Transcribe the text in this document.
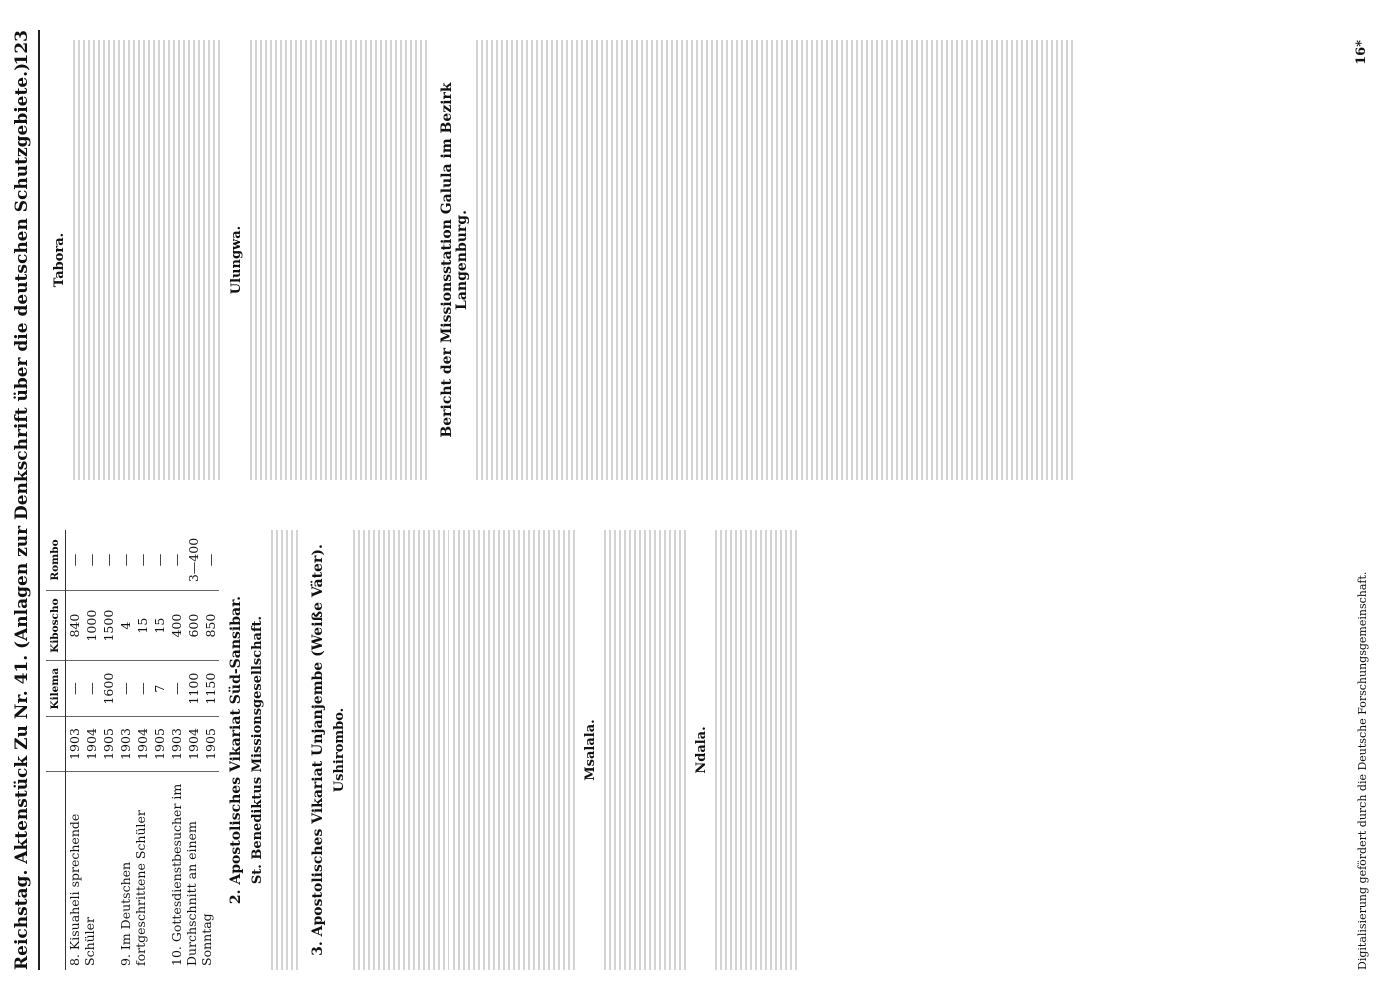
Reichstag. Aktenstück Zu Nr. 41. (Anlagen zur Denkschrift über die deutschen Schutzgebiete.)
123
		Kilema	Kiboscho	Rombo
8. Kisuaheli sprechende Schüler	1903	—	840	—
	1904	—	1000	—
	1905	1600	1500	—
9. Im Deutschen fortgeschrittene Schüler	1903	—	4	—
	1904	—	15	—
	1905	7	15	—
10. Gottesdienstbesucher im Durchschnitt an einem Sonntag	1903	—	400	—
	1904	1100	600	3—400
	1905	1150	850	—
2. Apostolisches Vikariat Süd-Sansibar. St. Benediktus Missionsgesellschaft.	3. Apostolisches Vikariat Unjanjembe (Weiße Väter). Ushirombo.	Msalala.	Ndala.
Tabora.	Ulungwa.	Bericht der Missionsstation Galula im Bezirk Langenburg.
Digitalisierung gefördert durch die Deutsche Forschungsgemeinschaft.
16*
